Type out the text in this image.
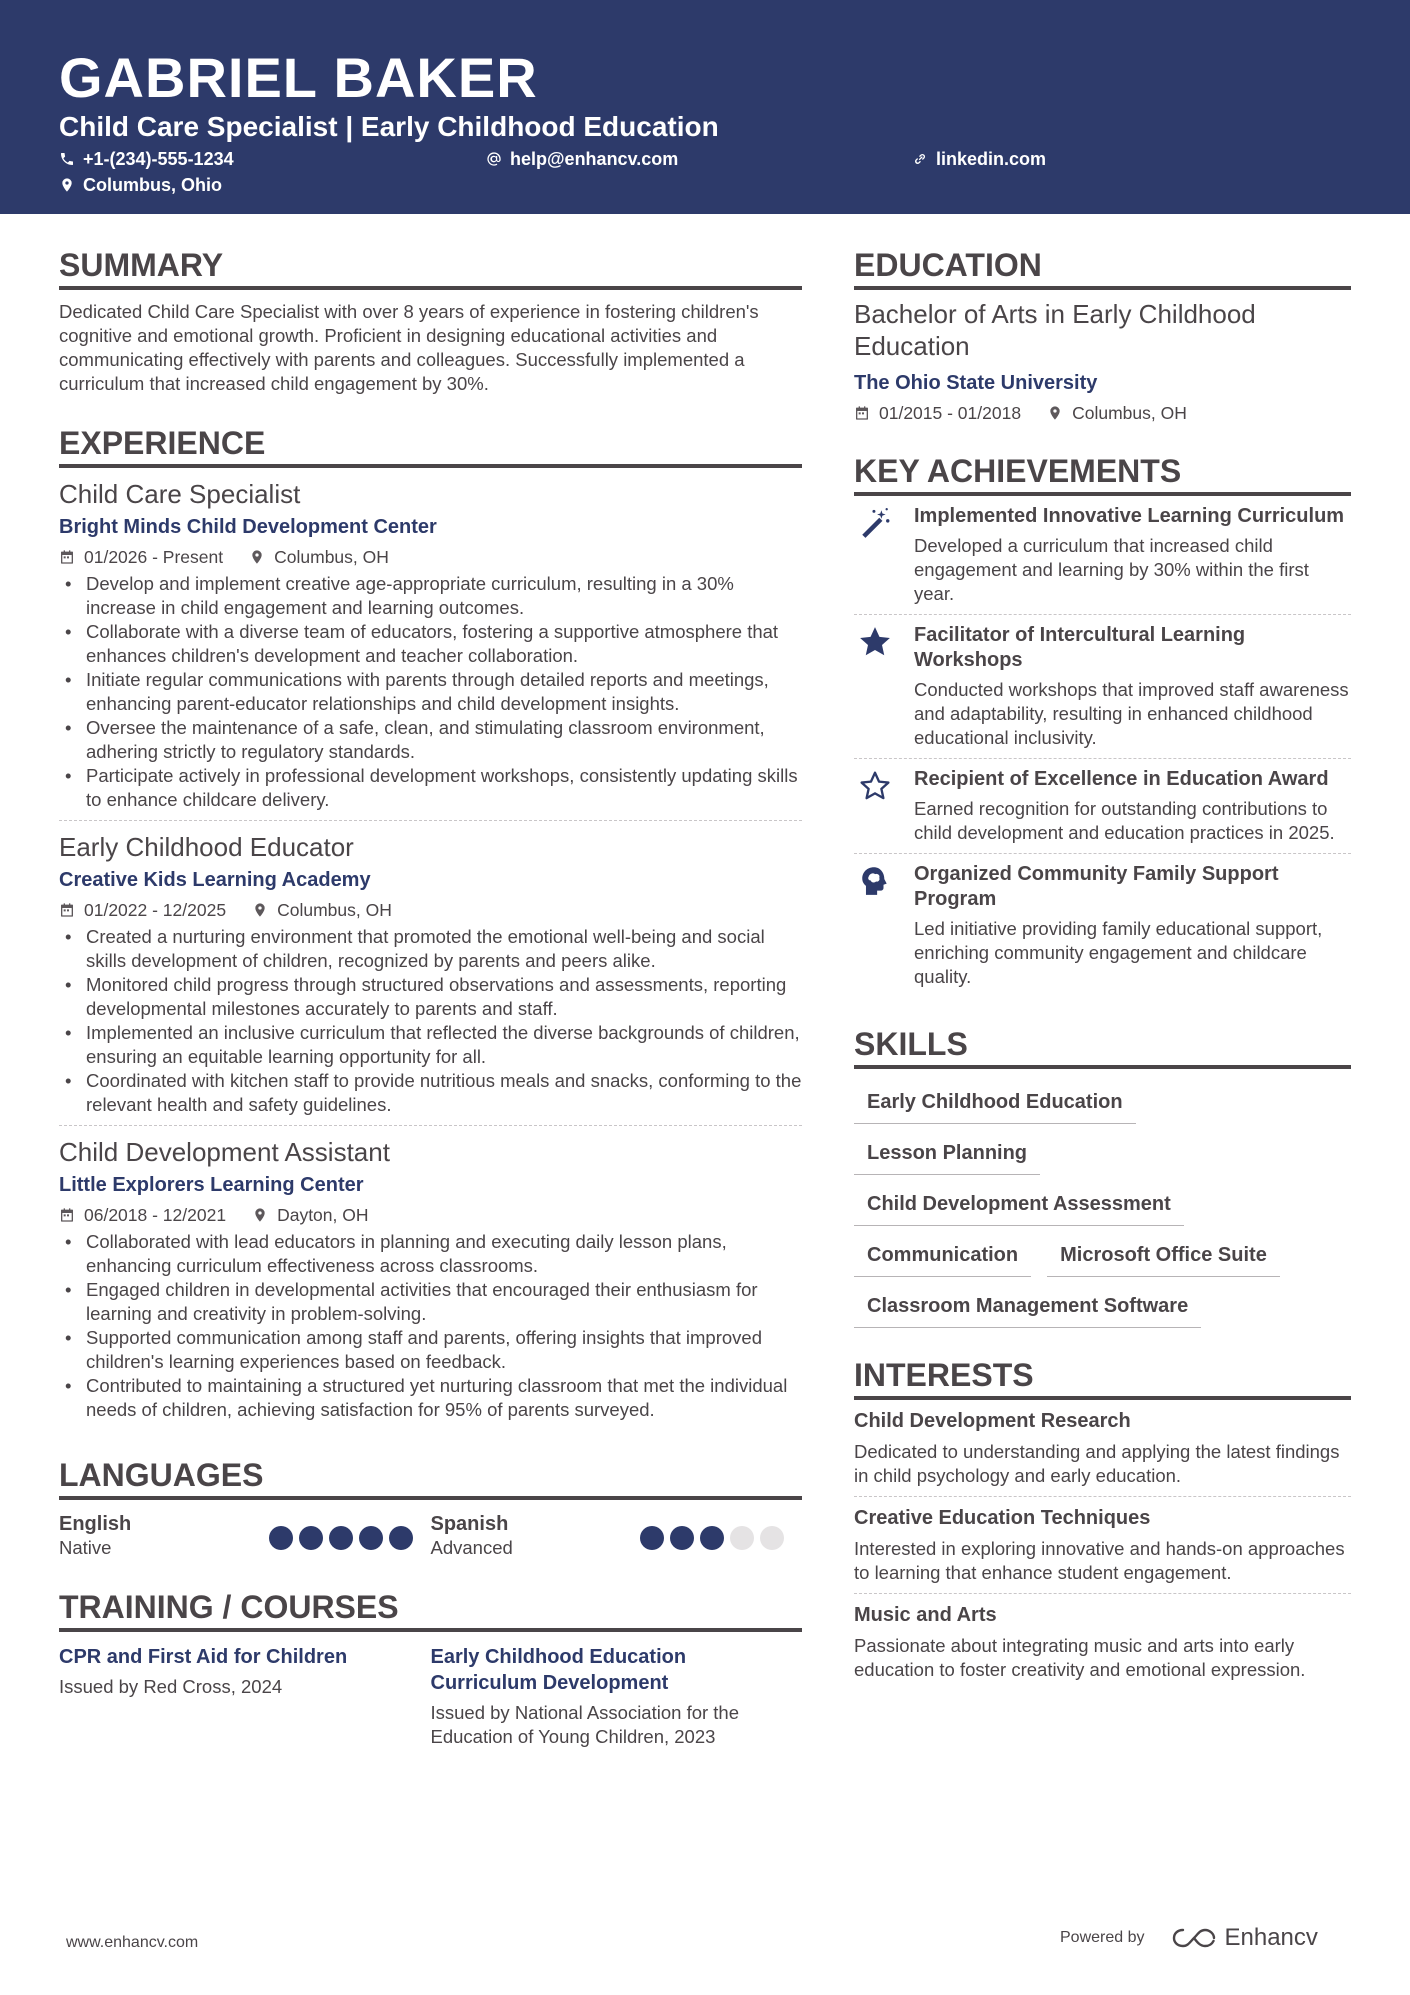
GABRIEL BAKER
Child Care Specialist | Early Childhood Education
+1-(234)-555-1234	help@enhancv.com	linkedin.com
Columbus, Ohio
SUMMARY
Dedicated Child Care Specialist with over 8 years of experience in fostering children's cognitive and emotional growth. Proficient in designing educational activities and communicating effectively with parents and colleagues. Successfully implemented a curriculum that increased child engagement by 30%.
EXPERIENCE
Child Care Specialist
Bright Minds Child Development Center
01/2026 - Present	Columbus, OH
• Develop and implement creative age-appropriate curriculum, resulting in a 30% increase in child engagement and learning outcomes.
• Collaborate with a diverse team of educators, fostering a supportive atmosphere that enhances children's development and teacher collaboration.
• Initiate regular communications with parents through detailed reports and meetings, enhancing parent-educator relationships and child development insights.
• Oversee the maintenance of a safe, clean, and stimulating classroom environment, adhering strictly to regulatory standards.
• Participate actively in professional development workshops, consistently updating skills to enhance childcare delivery.
Early Childhood Educator
Creative Kids Learning Academy
01/2022 - 12/2025	Columbus, OH
• Created a nurturing environment that promoted the emotional well-being and social skills development of children, recognized by parents and peers alike.
• Monitored child progress through structured observations and assessments, reporting developmental milestones accurately to parents and staff.
• Implemented an inclusive curriculum that reflected the diverse backgrounds of children, ensuring an equitable learning opportunity for all.
• Coordinated with kitchen staff to provide nutritious meals and snacks, conforming to the relevant health and safety guidelines.
Child Development Assistant
Little Explorers Learning Center
06/2018 - 12/2021	Dayton, OH
• Collaborated with lead educators in planning and executing daily lesson plans, enhancing curriculum effectiveness across classrooms.
• Engaged children in developmental activities that encouraged their enthusiasm for learning and creativity in problem-solving.
• Supported communication among staff and parents, offering insights that improved children's learning experiences based on feedback.
• Contributed to maintaining a structured yet nurturing classroom that met the individual needs of children, achieving satisfaction for 95% of parents surveyed.
LANGUAGES
English
Native
Spanish
Advanced
TRAINING / COURSES
CPR and First Aid for Children
Issued by Red Cross, 2024
Early Childhood Education Curriculum Development
Issued by National Association for the Education of Young Children, 2023
EDUCATION
Bachelor of Arts in Early Childhood Education
The Ohio State University
01/2015 - 01/2018	Columbus, OH
KEY ACHIEVEMENTS
Implemented Innovative Learning Curriculum
Developed a curriculum that increased child engagement and learning by 30% within the first year.
Facilitator of Intercultural Learning Workshops
Conducted workshops that improved staff awareness and adaptability, resulting in enhanced childhood educational inclusivity.
Recipient of Excellence in Education Award
Earned recognition for outstanding contributions to child development and education practices in 2025.
Organized Community Family Support Program
Led initiative providing family educational support, enriching community engagement and childcare quality.
SKILLS
Early Childhood Education
Lesson Planning
Child Development Assessment
Communication	Microsoft Office Suite
Classroom Management Software
INTERESTS
Child Development Research
Dedicated to understanding and applying the latest findings in child psychology and early education.
Creative Education Techniques
Interested in exploring innovative and hands-on approaches to learning that enhance student engagement.
Music and Arts
Passionate about integrating music and arts into early education to foster creativity and emotional expression.
www.enhancv.com	Powered by	Enhancv
